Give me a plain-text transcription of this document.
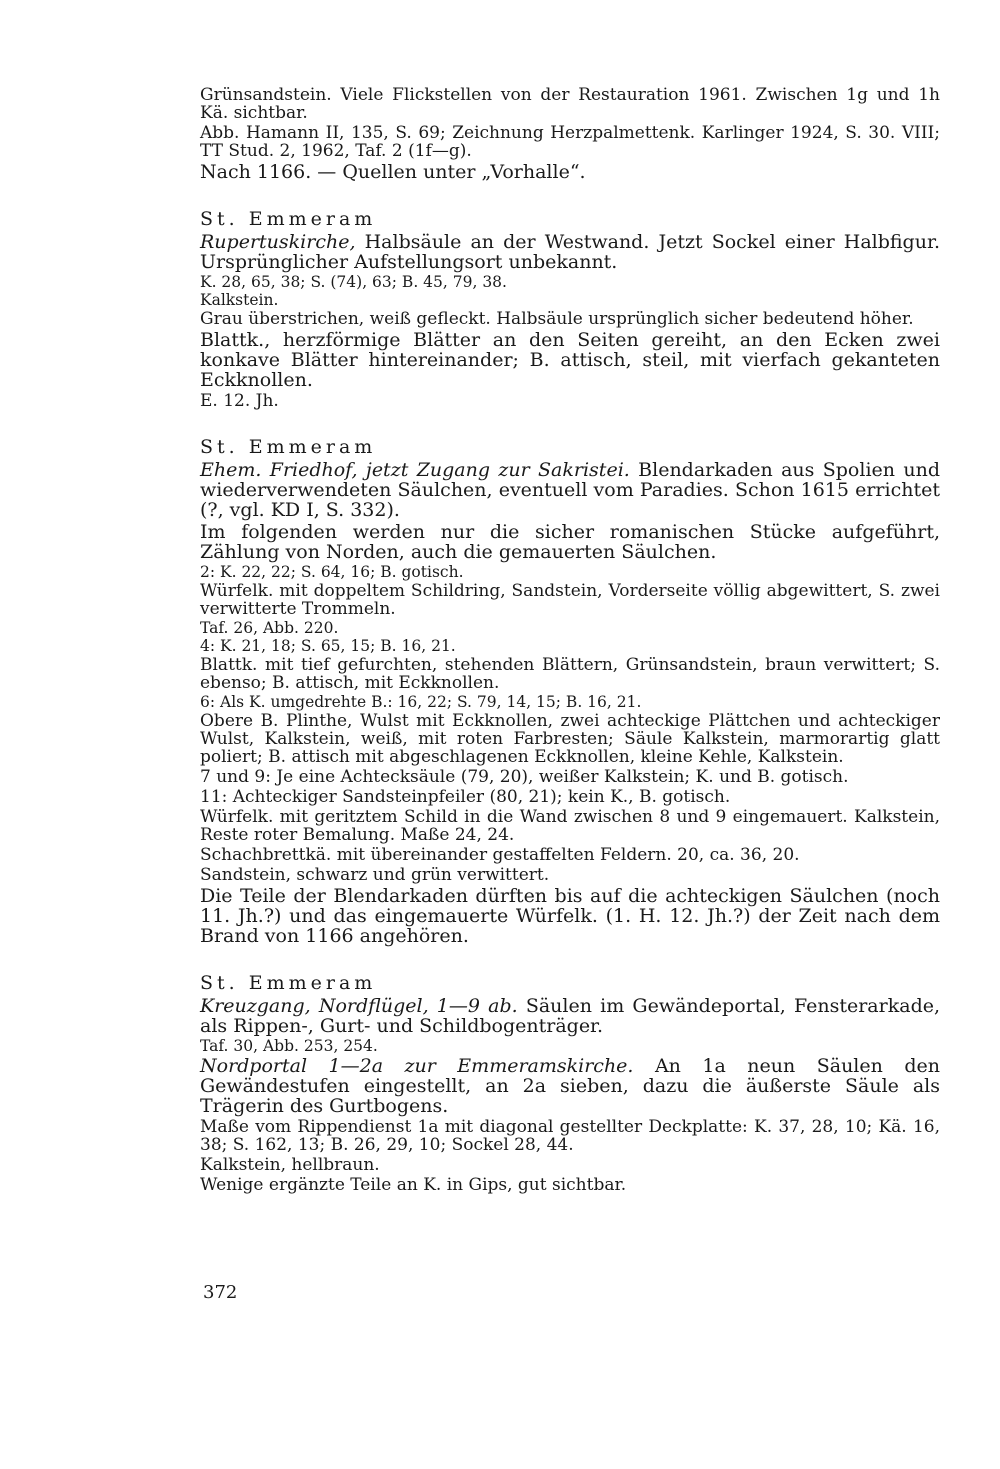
Grünsandstein. Viele Flickstellen von der Restauration 1961. Zwischen 1g und 1h Kä. sichtbar.

Abb. Hamann II, 135, S. 69; Zeichnung Herzpalmettenk. Karlinger 1924, S. 30. VIII; TT Stud. 2, 1962, Taf. 2 (1f—g).

Nach 1166. — Quellen unter „Vorhalle“.

St. Emmeram

Rupertuskirche, Halbsäule an der Westwand. Jetzt Sockel einer Halbfigur. Ursprünglicher Aufstellungsort unbekannt.

K. 28, 65, 38; S. (74), 63; B. 45, 79, 38.

Kalkstein.

Grau überstrichen, weiß gefleckt. Halbsäule ursprünglich sicher bedeutend höher.

Blattk., herzförmige Blätter an den Seiten gereiht, an den Ecken zwei konkave Blätter hintereinander; B. attisch, steil, mit vierfach gekanteten Eckknollen.

E. 12. Jh.

St. Emmeram

Ehem. Friedhof, jetzt Zugang zur Sakristei. Blendarkaden aus Spolien und wiederverwendeten Säulchen, eventuell vom Paradies. Schon 1615 errichtet (?, vgl. KD I, S. 332).

Im folgenden werden nur die sicher romanischen Stücke aufgeführt, Zählung von Norden, auch die gemauerten Säulchen.

2: K. 22, 22; S. 64, 16; B. gotisch.

Würfelk. mit doppeltem Schildring, Sandstein, Vorderseite völlig abgewittert, S. zwei verwitterte Trommeln.

Taf. 26, Abb. 220.

4: K. 21, 18; S. 65, 15; B. 16, 21.

Blattk. mit tief gefurchten, stehenden Blättern, Grünsandstein, braun verwittert; S. ebenso; B. attisch, mit Eckknollen.

6: Als K. umgedrehte B.: 16, 22; S. 79, 14, 15; B. 16, 21.

Obere B. Plinthe, Wulst mit Eckknollen, zwei achteckige Plättchen und achteckiger Wulst, Kalkstein, weiß, mit roten Farbresten; Säule Kalkstein, marmorartig glatt poliert; B. attisch mit abgeschlagenen Eckknollen, kleine Kehle, Kalkstein.

7 und 9: Je eine Achtecksäule (79, 20), weißer Kalkstein; K. und B. gotisch.

11: Achteckiger Sandsteinpfeiler (80, 21); kein K., B. gotisch.

Würfelk. mit geritztem Schild in die Wand zwischen 8 und 9 eingemauert. Kalkstein, Reste roter Bemalung. Maße 24, 24.

Schachbrettkä. mit übereinander gestaffelten Feldern. 20, ca. 36, 20.

Sandstein, schwarz und grün verwittert.

Die Teile der Blendarkaden dürften bis auf die achteckigen Säulchen (noch 11. Jh.?) und das eingemauerte Würfelk. (1. H. 12. Jh.?) der Zeit nach dem Brand von 1166 angehören.

St. Emmeram

Kreuzgang, Nordflügel, 1—9 ab. Säulen im Gewändeportal, Fensterarkade, als Rippen-, Gurt- und Schildbogenträger.

Taf. 30, Abb. 253, 254.

Nordportal 1—2a zur Emmeramskirche. An 1a neun Säulen den Gewändestufen eingestellt, an 2a sieben, dazu die äußerste Säule als Trägerin des Gurtbogens.

Maße vom Rippendienst 1a mit diagonal gestellter Deckplatte: K. 37, 28, 10; Kä. 16, 38; S. 162, 13; B. 26, 29, 10; Sockel 28, 44.

Kalkstein, hellbraun.

Wenige ergänzte Teile an K. in Gips, gut sichtbar.

372
